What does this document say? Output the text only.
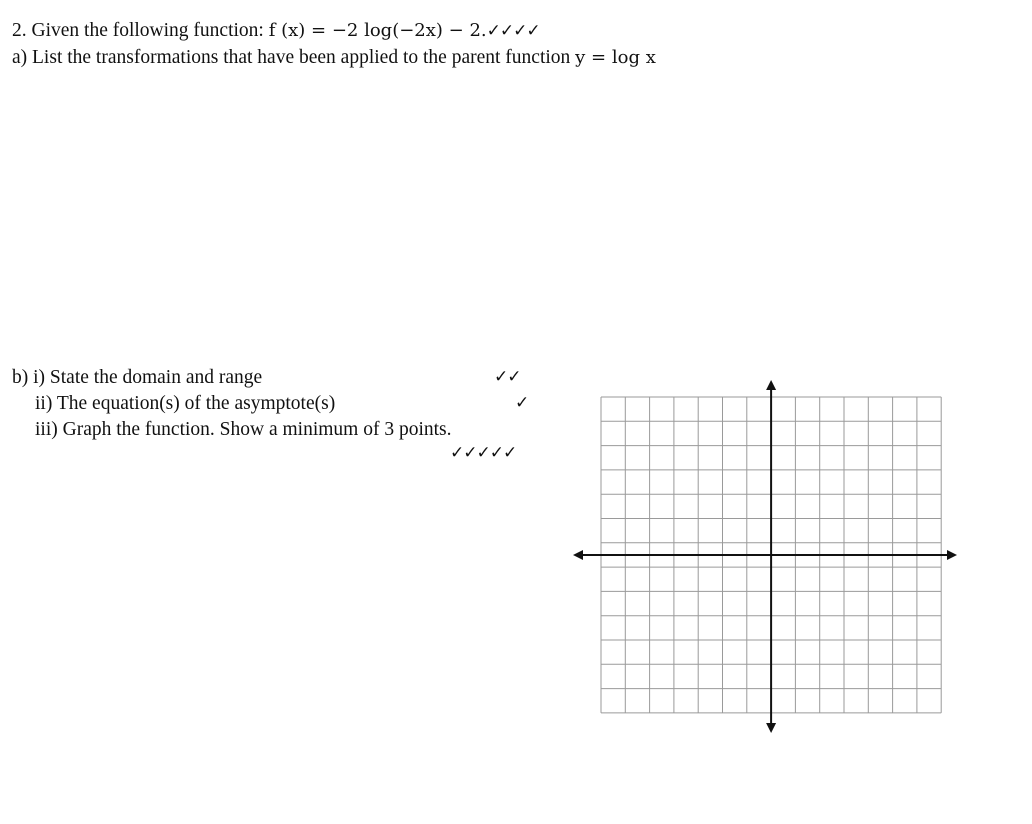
2. Given the following function: f (x) = −2 log(−2x) − 2.✓✓✓✓
a) List the transformations that have been applied to the parent function y = log x
b) i) State the domain and range	✓✓
ii) The equation(s) of the asymptote(s)	✓
iii) Graph the function. Show a minimum of 3 points.
✓✓✓✓✓
